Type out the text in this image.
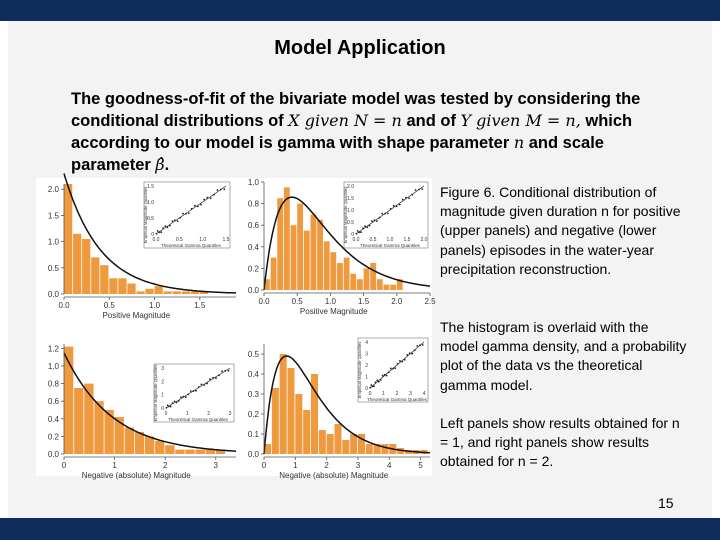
Model Application
The goodness-of-fit of the bivariate model was tested by considering the
conditional distributions of X given N = n and of Y given M = n, which
according to our model is gamma with shape parameter n and scale
parameter β̂.
0.0
0.5
1.0
1.5
2.0
0.0	0.5	1.0	1.5
Positive Magnitude
0.0	0.5	1.0	1.5
0
0.5
1.0
1.5
Theoretical Gamma Quantiles
Empirical Magnitude Quantiles
0.0
0.2
0.4
0.6
0.8
1.0
0.0	0.5	1.0	1.5	2.0	2.5
Positive Magnitude
0.0 0.5 1.0 1.5 2.0
0
0.5
1.0
1.5
2.0
Theoretical Gamma Quantiles
Empirical Magnitude Quantiles
0.0
0.2
0.4
0.6
0.8
1.0
1.2
0	1	2	3
Negative (absolute) Magnitude
0	1	2	3
0
1
2
3
Theoretical Gamma Quantiles
Empirical Magnitude Quantiles
0.0
0.1
0.2
0.3
0.4
0.5
0	1	2	3	4	5
Negative (absolute) Magnitude
0 1 2 3 4
0
1
2
3
4
Theoretical Gamma Quantiles
Empirical Magnitude Quantiles
Figure 6. Conditional distribution of magnitude given duration n for positive (upper panels) and negative (lower panels) episodes in the water-year precipitation reconstruction.
The histogram is overlaid with the model gamma density, and a probability plot of the data vs the theoretical gamma model.
Left panels show results obtained for n = 1, and right panels show results obtained for n = 2.
15
